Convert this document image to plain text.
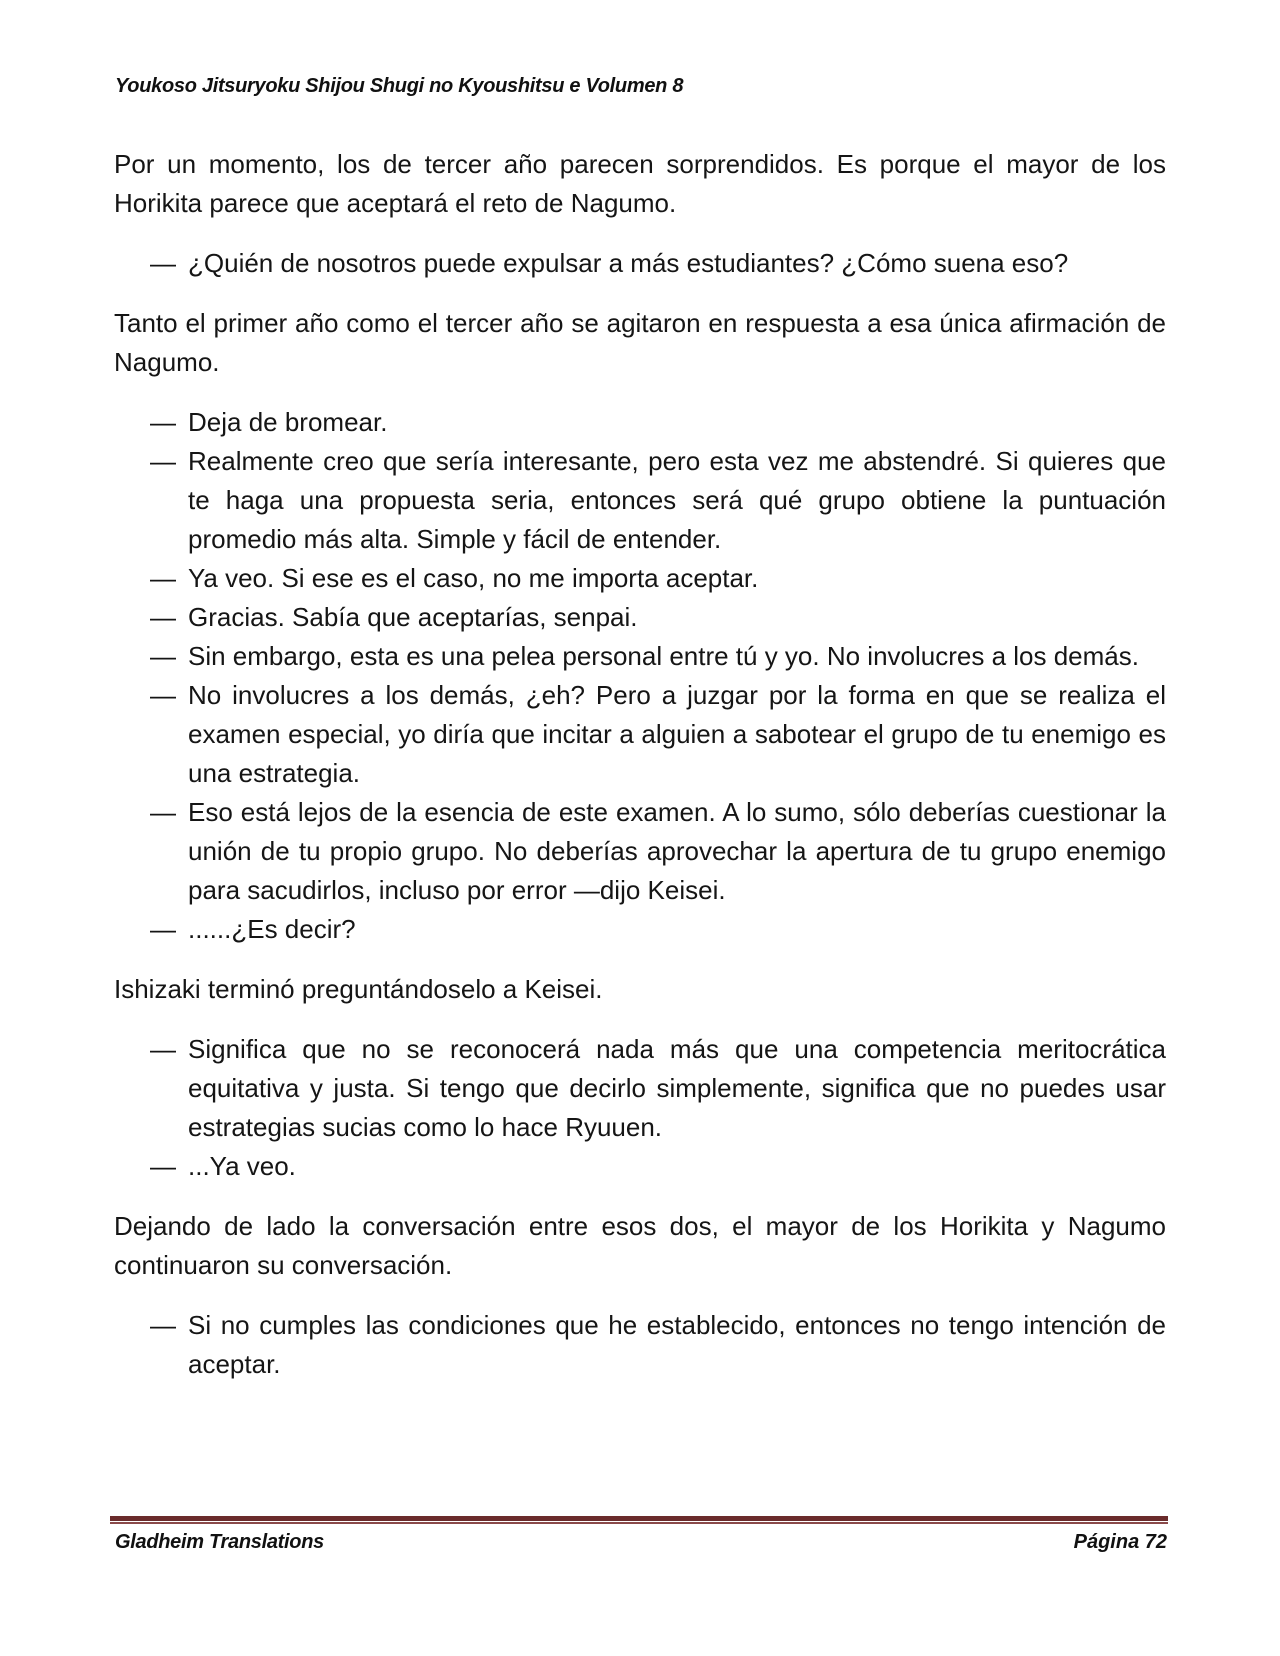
Youkoso Jitsuryoku Shijou Shugi no Kyoushitsu e Volumen 8

Por un momento, los de tercer año parecen sorprendidos. Es porque el mayor de los Horikita parece que aceptará el reto de Nagumo.

— ¿Quién de nosotros puede expulsar a más estudiantes? ¿Cómo suena eso?

Tanto el primer año como el tercer año se agitaron en respuesta a esa única afirmación de Nagumo.

— Deja de bromear.
— Realmente creo que sería interesante, pero esta vez me abstendré. Si quieres que te haga una propuesta seria, entonces será qué grupo obtiene la puntuación promedio más alta. Simple y fácil de entender.
— Ya veo. Si ese es el caso, no me importa aceptar.
— Gracias. Sabía que aceptarías, senpai.
— Sin embargo, esta es una pelea personal entre tú y yo. No involucres a los demás.
— No involucres a los demás, ¿eh? Pero a juzgar por la forma en que se realiza el examen especial, yo diría que incitar a alguien a sabotear el grupo de tu enemigo es una estrategia.
— Eso está lejos de la esencia de este examen. A lo sumo, sólo deberías cuestionar la unión de tu propio grupo. No deberías aprovechar la apertura de tu grupo enemigo para sacudirlos, incluso por error —dijo Keisei.
— ......¿Es decir?

Ishizaki terminó preguntándoselo a Keisei.

— Significa que no se reconocerá nada más que una competencia meritocrática equitativa y justa. Si tengo que decirlo simplemente, significa que no puedes usar estrategias sucias como lo hace Ryuuen.
— ...Ya veo.

Dejando de lado la conversación entre esos dos, el mayor de los Horikita y Nagumo continuaron su conversación.

— Si no cumples las condiciones que he establecido, entonces no tengo intención de aceptar.
Gladheim Translations	Página 72
